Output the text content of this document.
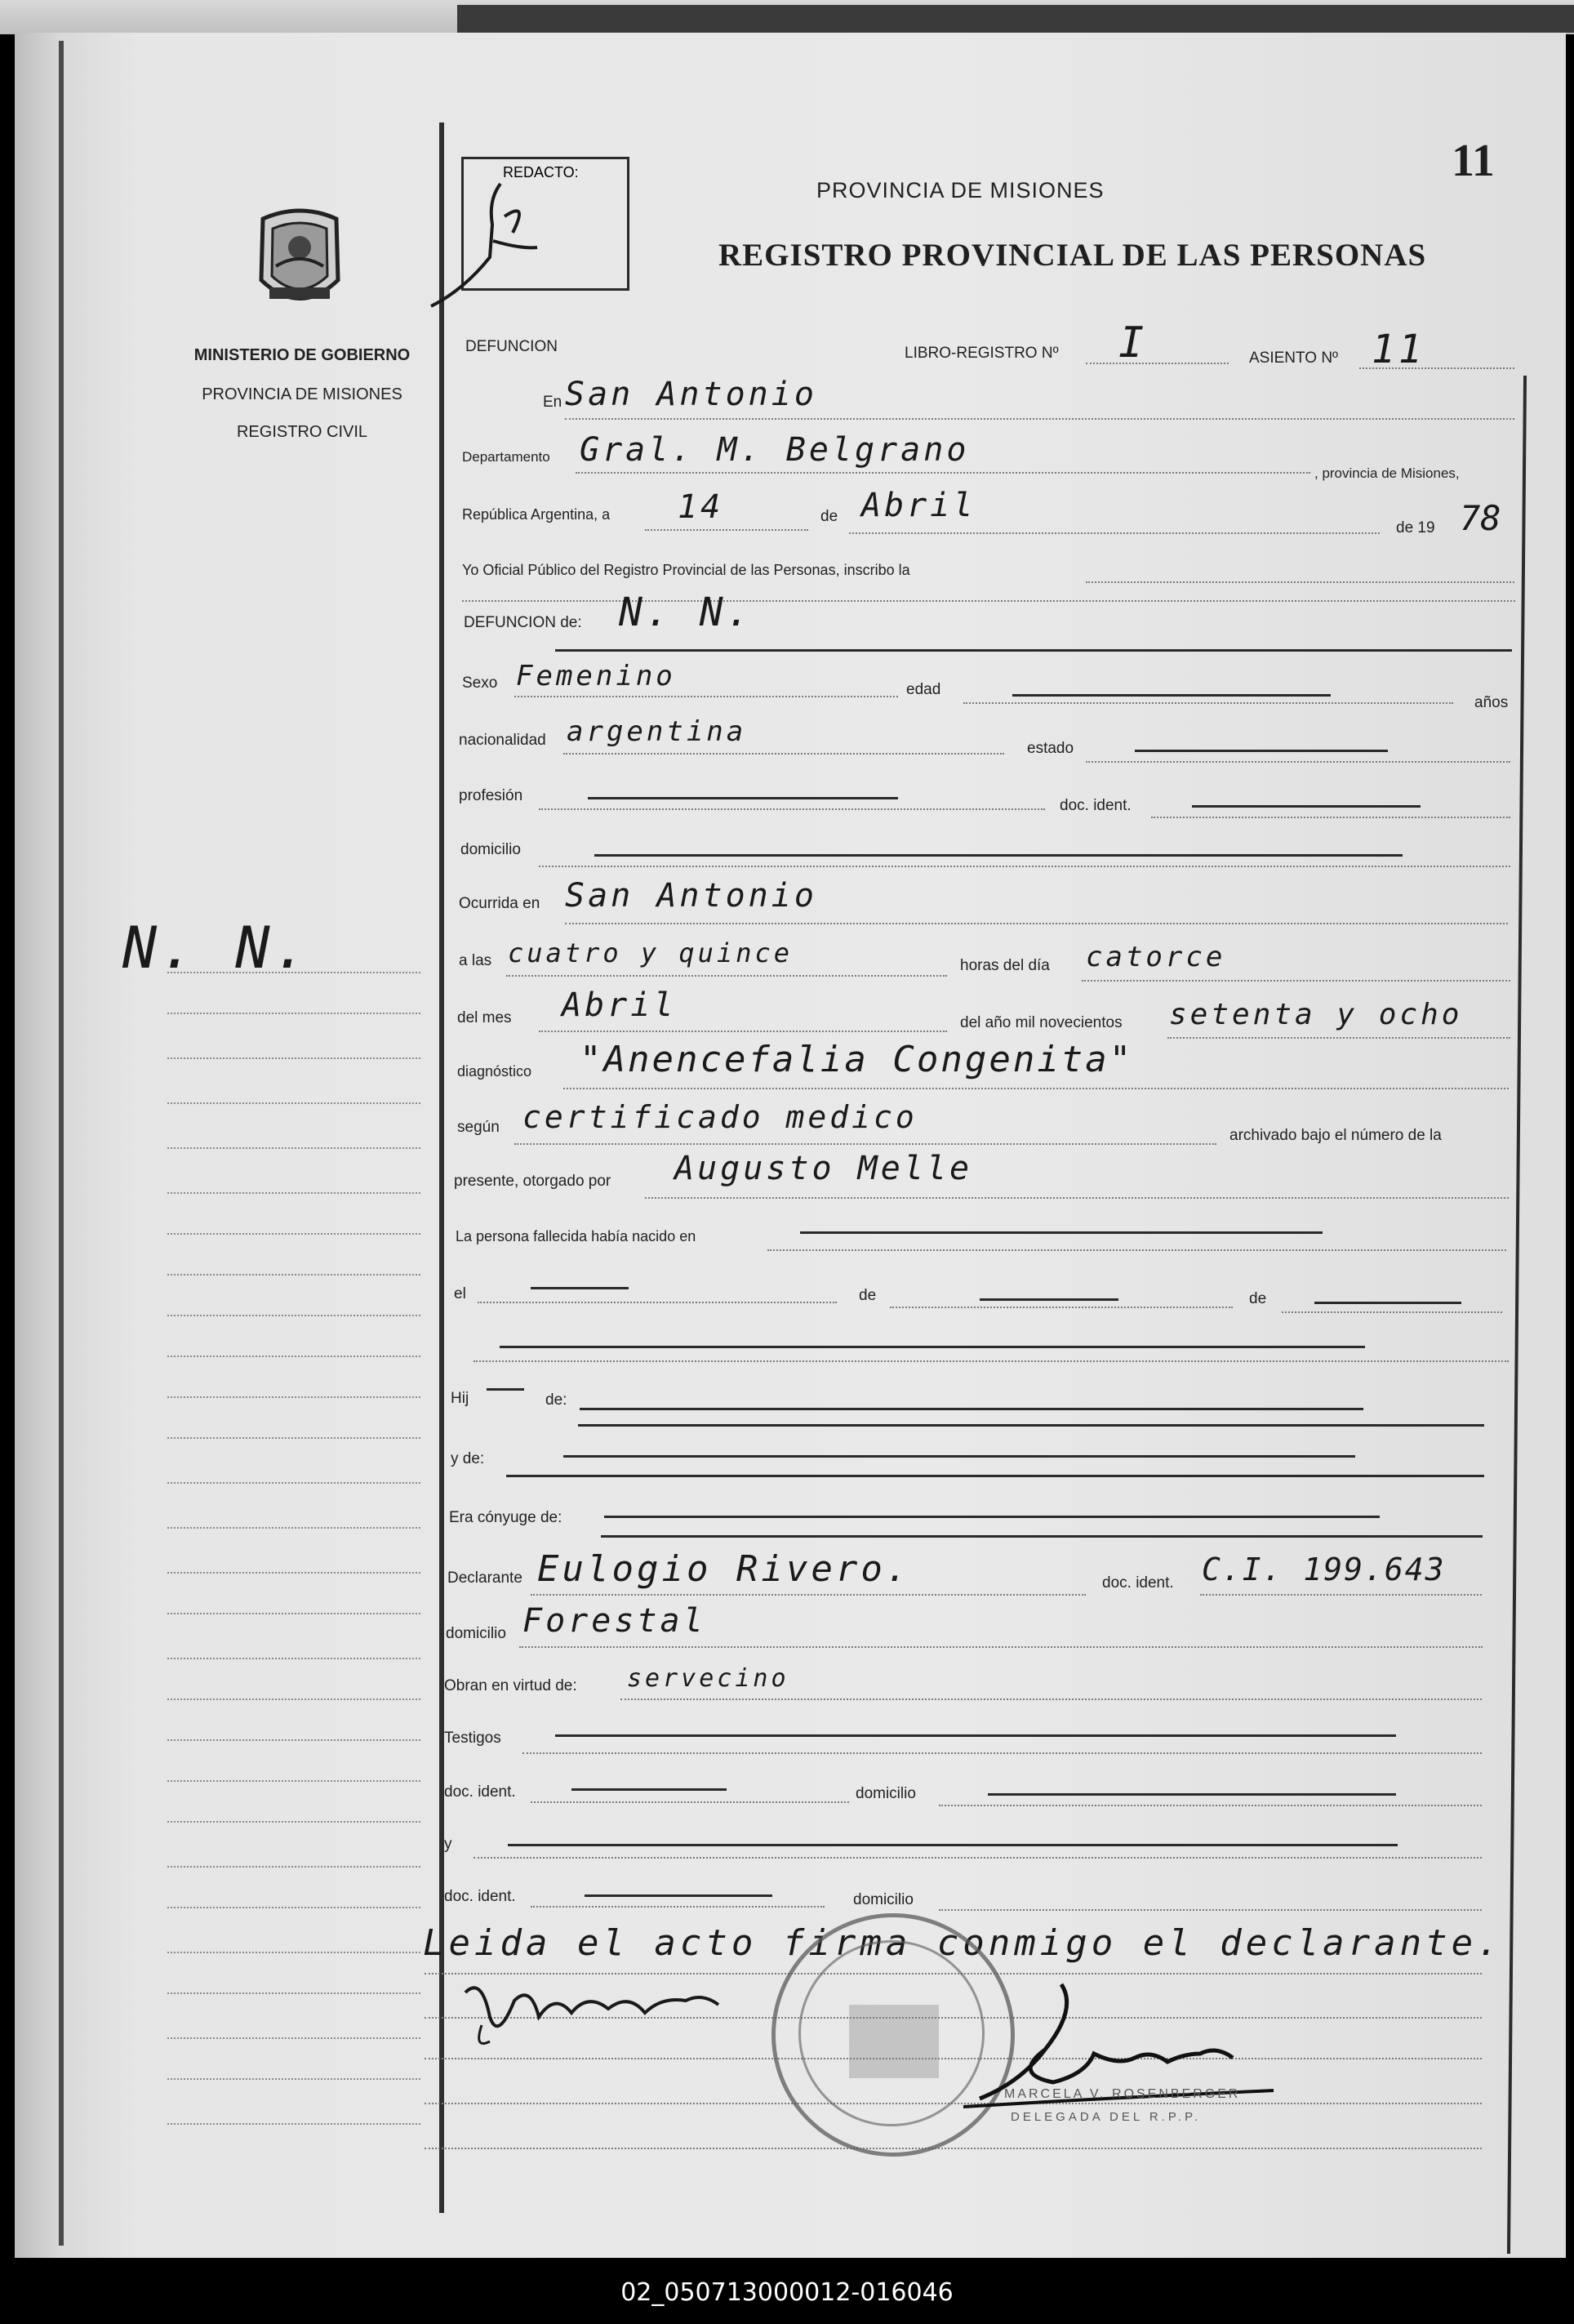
MINISTERIO DE GOBIERNO
PROVINCIA DE MISIONES
REGISTRO CIVIL
N. N.
REDACTO:
PROVINCIA DE MISIONES
REGISTRO PROVINCIAL DE LAS PERSONAS
11
DEFUNCION	LIBRO-REGISTRO Nº I	ASIENTO Nº 11
En San Antonio
Departamento Gral. M. Belgrano
, provincia de Misiones,
República Argentina, a 14	de Abril
de 19 78
Yo Oficial Público del Registro Provincial de las Personas, inscribo la
DEFUNCION de: N. N.
Sexo Femenino	edad
años
nacionalidad argentina
estado
profesión
doc. ident.
domicilio
Ocurrida en San Antonio
a las cuatro y quince	horas del día catorce
del mes Abril	del año mil novecientos setenta y ocho
diagnóstico "Anencefalia Congenita"
según certificado medico
archivado bajo el número de la
presente, otorgado por Augusto Melle
La persona fallecida había nacido en
el	de	de
Hij	de:
y de:
Era cónyuge de:
Declarante Eulogio Rivero.	doc. ident. C.I. 199.643
domicilio Forestal
Obran en virtud de: servecino
Testigos
doc. ident.	domicilio
y
doc. ident.	domicilio
Leida el acto firma conmigo el declarante.
MARCELA V. ROSENBERGER
DELEGADA DEL R.P.P.
02_050713000012-016046
